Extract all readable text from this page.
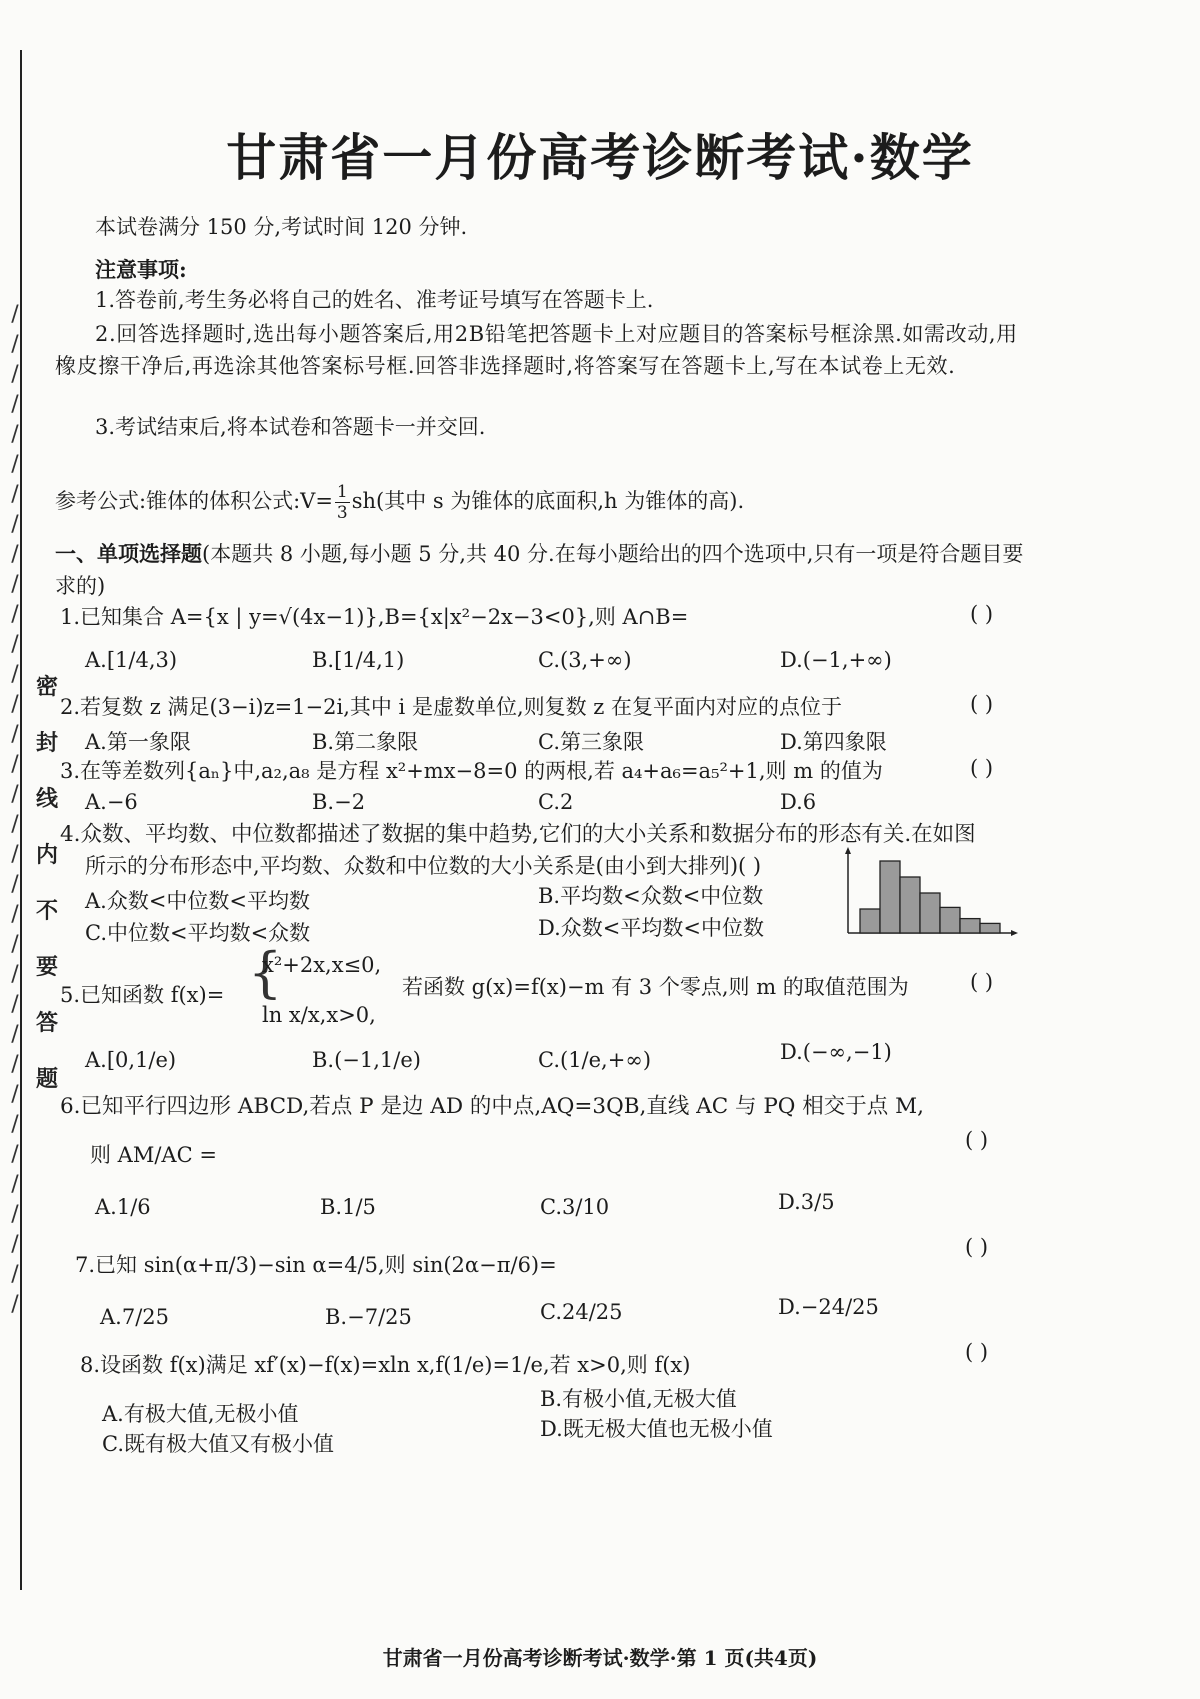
/
/
/
/
/
/
/
/
/
/
/
/
/
/
/
/
/
/
/
/
/
/
/
/
/
/
/
/
/
/
/
/
/
/
密
封
线
内
不
要
答
题
甘肃省一月份高考诊断考试·数学
本试卷满分 150 分,考试时间 120 分钟.
注意事项:
1.答卷前,考生务必将自己的姓名、准考证号填写在答题卡上.
2.回答选择题时,选出每小题答案后,用2B铅笔把答题卡上对应题目的答案标号框涂黑.如需改动,用橡皮擦干净后,再选涂其他答案标号框.回答非选择题时,将答案写在答题卡上,写在本试卷上无效.
3.考试结束后,将本试卷和答题卡一并交回.
参考公式:锥体的体积公式:V= $\frac{1}{3} sh$(其中 s 为锥体的底面积,h 为锥体的高).
一、单项选择题(本题共 8 小题,每小题 5 分,共 40 分.在每小题给出的四个选项中,只有一项是符合题目要求的)
1.已知集合 A={x | y=√(4x−1)},B={x|x²−2x−3<0},则 A∩B=	( )
A.[1/4,3)	B.[1/4,1)	C.(3,+∞)	D.(−1,+∞)
2.若复数 z 满足(3−i)z=1−2i,其中 i 是虚数单位,则复数 z 在复平面内对应的点位于	( )
A.第一象限	B.第二象限	C.第三象限	D.第四象限
3.在等差数列{aₙ}中,a₂,a₈ 是方程 x²+mx−8=0 的两根,若 a₄+a₆=a₅²+1,则 m 的值为	( )
A.−6	B.−2	C.2	D.6
4.众数、平均数、中位数都描述了数据的集中趋势,它们的大小关系和数据分布的形态有关.在如图
所示的分布形态中,平均数、众数和中位数的大小关系是(由小到大排列)( )
A.众数<中位数<平均数	B.平均数<众数<中位数
C.中位数<平均数<众数	D.众数<平均数<中位数
5.已知函数 f(x)= {
x²+2x,x≤0,
ln x/x,x>0,
若函数 g(x)=f(x)−m 有 3 个零点,则 m 的取值范围为	( )
A.[0,1/e)	B.(−1,1/e)	C.(1/e,+∞)	D.(−∞,−1)
6.已知平行四边形 ABCD,若点 P 是边 AD 的中点,AQ=3QB,直线 AC 与 PQ 相交于点 M,
则 AM/AC =
( )
A.1/6	B.1/5	C.3/10	D.3/5
7.已知 sin(α+π/3)−sin α=4/5,则 sin(2α−π/6)=
( )
A.7/25	B.−7/25	C.24/25	D.−24/25
8.设函数 f(x)满足 xf′(x)−f(x)=xln x,f(1/e)=1/e,若 x>0,则 f(x)
( )
A.有极大值,无极小值
B.有极小值,无极大值
C.既有极大值又有极小值
D.既无极大值也无极小值
甘肃省一月份高考诊断考试·数学·第 1 页(共4页)
